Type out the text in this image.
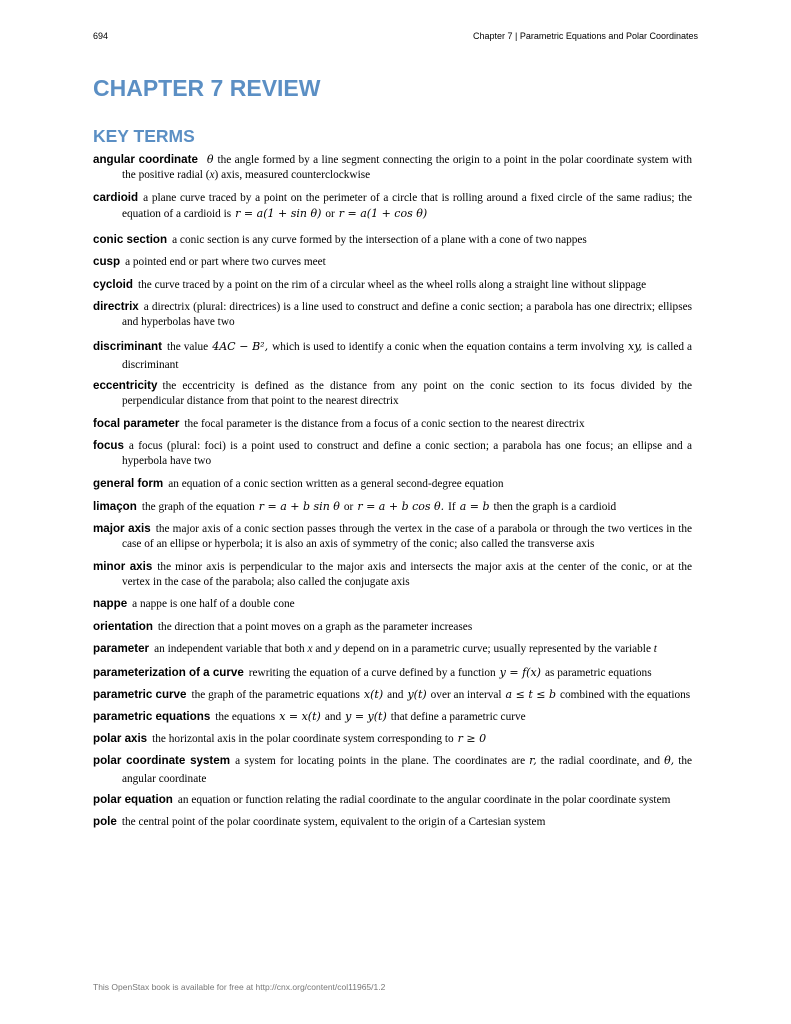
694	Chapter 7 | Parametric Equations and Polar Coordinates
CHAPTER 7 REVIEW
KEY TERMS

angular coordinate θ the angle formed by a line segment connecting the origin to a point in the polar coordinate system with the positive radial (x) axis, measured counterclockwise

cardioid a plane curve traced by a point on the perimeter of a circle that is rolling around a fixed circle of the same radius; the equation of a cardioid is r = a(1 + sin θ) or r = a(1 + cos θ)

conic section a conic section is any curve formed by the intersection of a plane with a cone of two nappes

cusp a pointed end or part where two curves meet

cycloid the curve traced by a point on the rim of a circular wheel as the wheel rolls along a straight line without slippage

directrix a directrix (plural: directrices) is a line used to construct and define a conic section; a parabola has one directrix; ellipses and hyperbolas have two

discriminant the value 4AC − B², which is used to identify a conic when the equation contains a term involving xy, is called a discriminant

eccentricity the eccentricity is defined as the distance from any point on the conic section to its focus divided by the perpendicular distance from that point to the nearest directrix

focal parameter the focal parameter is the distance from a focus of a conic section to the nearest directrix

focus a focus (plural: foci) is a point used to construct and define a conic section; a parabola has one focus; an ellipse and a hyperbola have two

general form an equation of a conic section written as a general second-degree equation

limaçon the graph of the equation r = a + b sin θ or r = a + b cos θ. If a = b then the graph is a cardioid

major axis the major axis of a conic section passes through the vertex in the case of a parabola or through the two vertices in the case of an ellipse or hyperbola; it is also an axis of symmetry of the conic; also called the transverse axis

minor axis the minor axis is perpendicular to the major axis and intersects the major axis at the center of the conic, or at the vertex in the case of the parabola; also called the conjugate axis

nappe a nappe is one half of a double cone

orientation the direction that a point moves on a graph as the parameter increases

parameter an independent variable that both x and y depend on in a parametric curve; usually represented by the variable t

parameterization of a curve rewriting the equation of a curve defined by a function y = f(x) as parametric equations

parametric curve the graph of the parametric equations x(t) and y(t) over an interval a ≤ t ≤ b combined with the equations

parametric equations the equations x = x(t) and y = y(t) that define a parametric curve

polar axis the horizontal axis in the polar coordinate system corresponding to r ≥ 0

polar coordinate system a system for locating points in the plane. The coordinates are r, the radial coordinate, and θ, the angular coordinate

polar equation an equation or function relating the radial coordinate to the angular coordinate in the polar coordinate system

pole the central point of the polar coordinate system, equivalent to the origin of a Cartesian system

This OpenStax book is available for free at http://cnx.org/content/col11965/1.2
